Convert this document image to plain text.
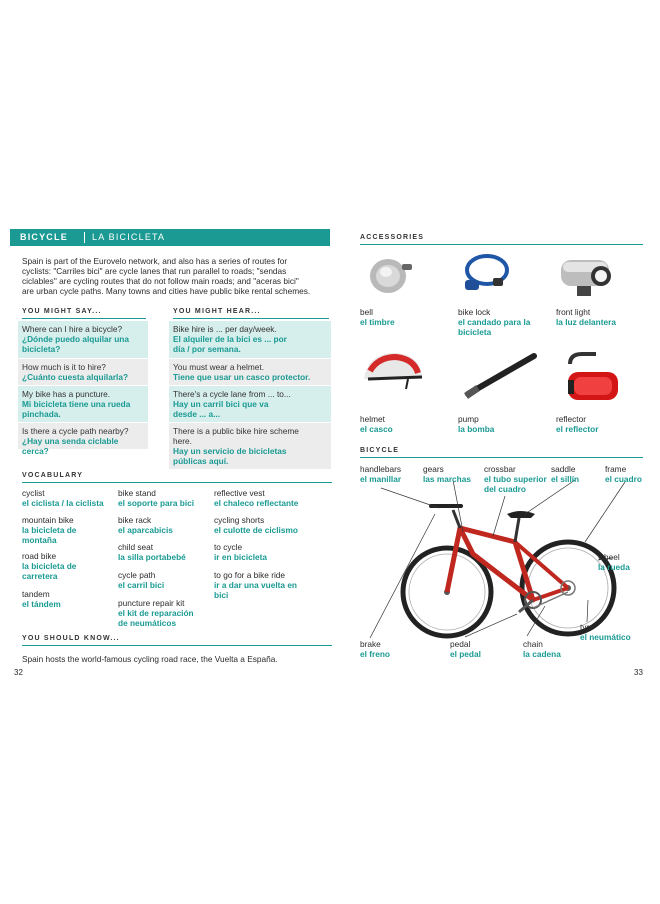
BICYCLE	LA BICICLETA
Spain is part of the Eurovelo network, and also has a series of routes for
cyclists: "Carriles bici" are cycle lanes that run parallel to roads; "sendas
ciclables" are cycling routes that do not follow main roads; and "aceras bici"
are urban cycle paths. Many towns and cities have public bike rental schemes.
YOU MIGHT SAY...	YOU MIGHT HEAR...
Where can I hire a bicycle?
¿Dónde puedo alquilar una
bicicleta?
How much is it to hire?
¿Cuánto cuesta alquilarla?
My bike has a puncture.
Mi bicicleta tiene una rueda
pinchada.
Is there a cycle path nearby?
¿Hay una senda ciclable cerca?
Bike hire is ... per day/week.
El alquiler de la bici es ... por
día / por semana.
You must wear a helmet.
Tiene que usar un casco protector.
There's a cycle lane from ... to...
Hay un carril bici que va
desde ... a...
There is a public bike hire scheme
here.
Hay un servicio de bicicletas
públicas aquí.
VOCABULARY
cyclist
el ciclista / la ciclista
mountain bike
la bicicleta de
montaña
road bike
la bicicleta de
carretera
tandem
el tándem
bike stand
el soporte para bici
bike rack
el aparcabicis
child seat
la silla portabebé
cycle path
el carril bici
puncture repair kit
el kit de reparación
de neumáticos
reflective vest
el chaleco reflectante
cycling shorts
el culotte de ciclismo
to cycle
ir en bicicleta
to go for a bike ride
ir a dar una vuelta en
bici
YOU SHOULD KNOW...
Spain hosts the world-famous cycling road race, the Vuelta a España.
32
ACCESSORIES
bell
el timbre
bike lock
el candado para la
bicicleta
front light
la luz delantera
helmet
el casco
pump
la bomba
reflector
el reflector
BICYCLE
handlebars
el manillar
gears
las marchas
crossbar
el tubo superior
del cuadro
saddle
el sillín
frame
el cuadro
wheel
la rueda
tyre
el neumático
brake
el freno
pedal
el pedal
chain
la cadena
33
